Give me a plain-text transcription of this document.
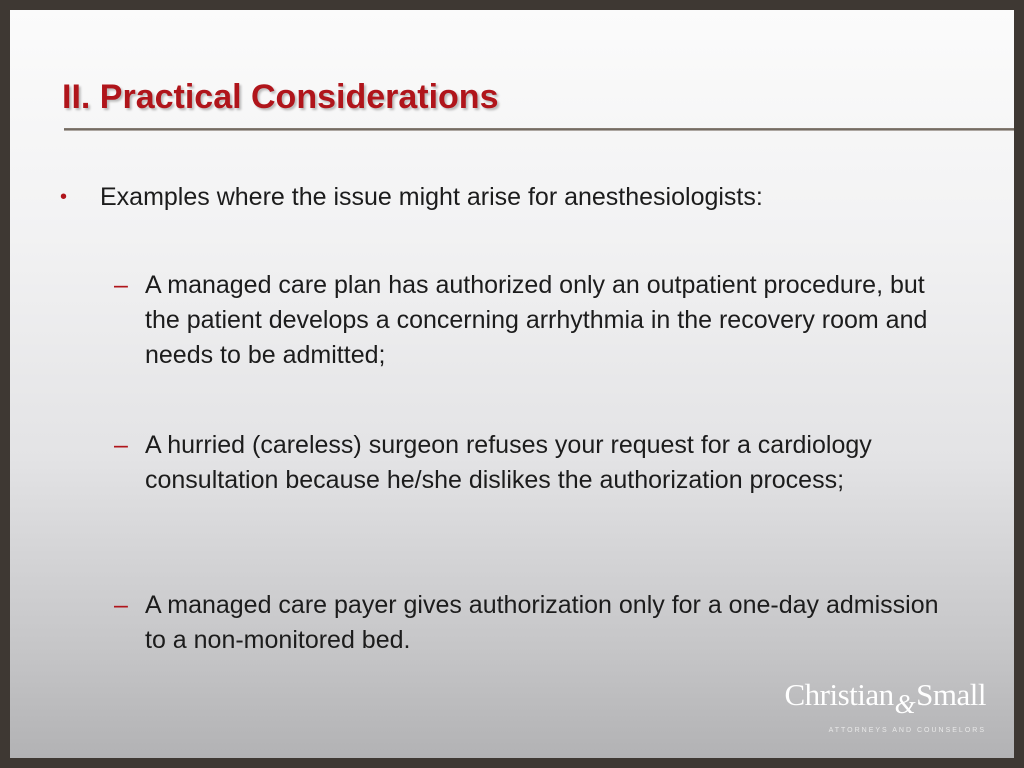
II. Practical Considerations
• Examples where the issue might arise for anesthesiologists:
– A managed care plan has authorized only an outpatient procedure, but the patient develops a concerning arrhythmia in the recovery room and needs to be admitted;
– A hurried (careless) surgeon refuses your request for a cardiology consultation because he/she dislikes the authorization process;
– A managed care payer gives authorization only for a one-day admission to a non-monitored bed.
Christian&Small
ATTORNEYS AND COUNSELORS
